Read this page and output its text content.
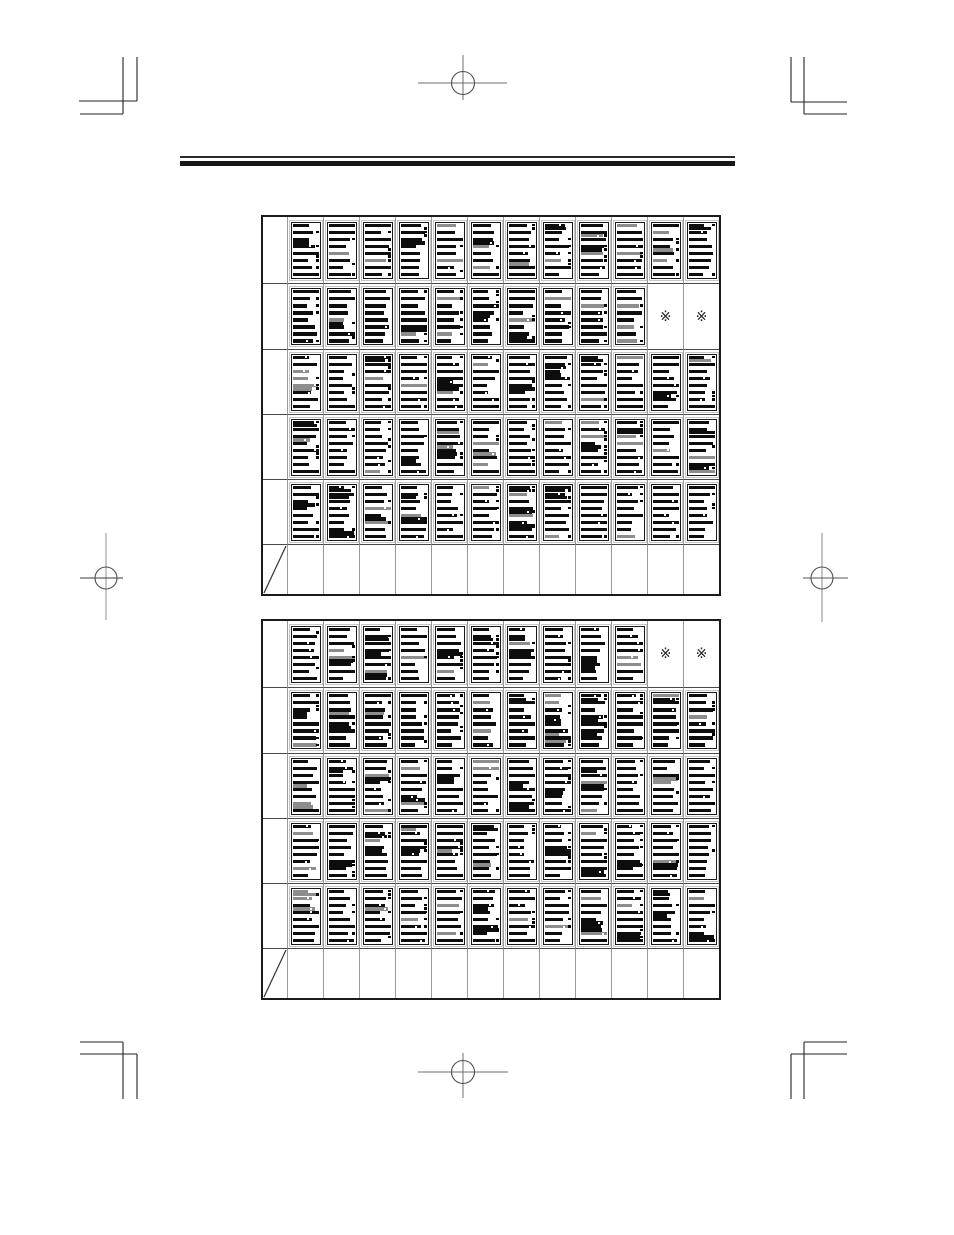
※ ※
※ ※
